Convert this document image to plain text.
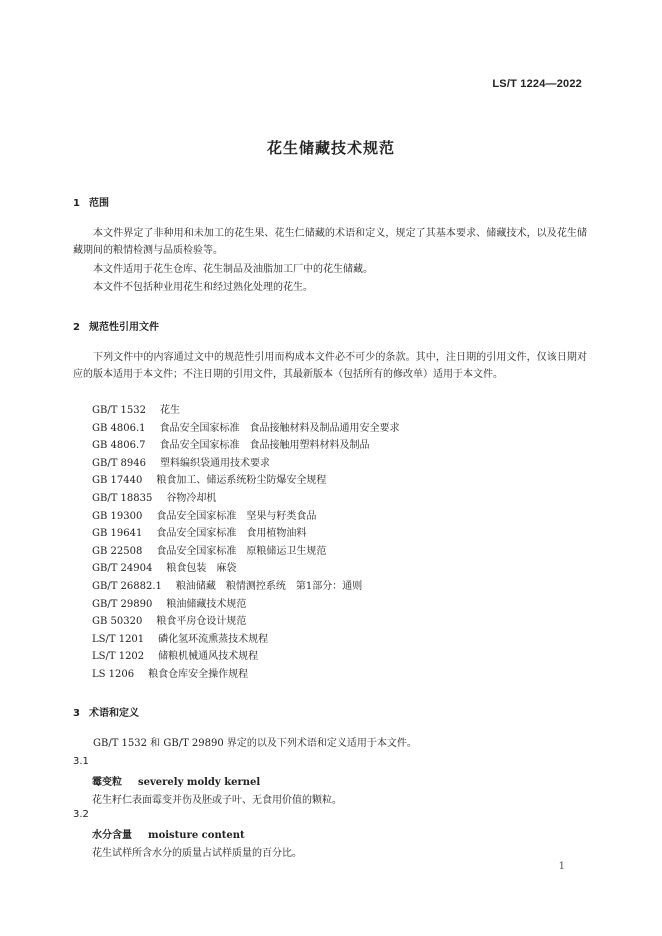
LS/T 1224—2022
花生储藏技术规范
1 范围

本文件界定了非种用和未加工的花生果、花生仁储藏的术语和定义，规定了其基本要求、储藏技术，以及花生储藏期间的粮情检测与品质检验等。

本文件适用于花生仓库、花生制品及油脂加工厂中的花生储藏。

本文件不包括种业用花生和经过熟化处理的花生。

2 规范性引用文件

下列文件中的内容通过文中的规范性引用而构成本文件必不可少的条款。其中，注日期的引用文件，仅该日期对应的版本适用于本文件；不注日期的引用文件，其最新版本（包括所有的修改单）适用于本文件。

GB/T 1532 花生
GB 4806.1 食品安全国家标准　食品接触材料及制品通用安全要求
GB 4806.7 食品安全国家标准　食品接触用塑料材料及制品
GB/T 8946 塑料编织袋通用技术要求
GB 17440 粮食加工、储运系统粉尘防爆安全规程
GB/T 18835 谷物冷却机
GB 19300 食品安全国家标准　坚果与籽类食品
GB 19641 食品安全国家标准　食用植物油料
GB 22508 食品安全国家标准　原粮储运卫生规范
GB/T 24904 粮食包装　麻袋
GB/T 26882.1 粮油储藏　粮情测控系统　第1部分：通则
GB/T 29890 粮油储藏技术规范
GB 50320 粮食平房仓设计规范
LS/T 1201 磷化氢环流熏蒸技术规程
LS/T 1202 储粮机械通风技术规程
LS 1206 粮食仓库安全操作规程
3 术语和定义

GB/T 1532 和 GB/T 29890 界定的以及下列术语和定义适用于本文件。

3.1
霉变粒 severely moldy kernel
花生籽仁表面霉变并伤及胚或子叶、无食用价值的颗粒。
3.2
水分含量 moisture content
花生试样所含水分的质量占试样质量的百分比。
1
